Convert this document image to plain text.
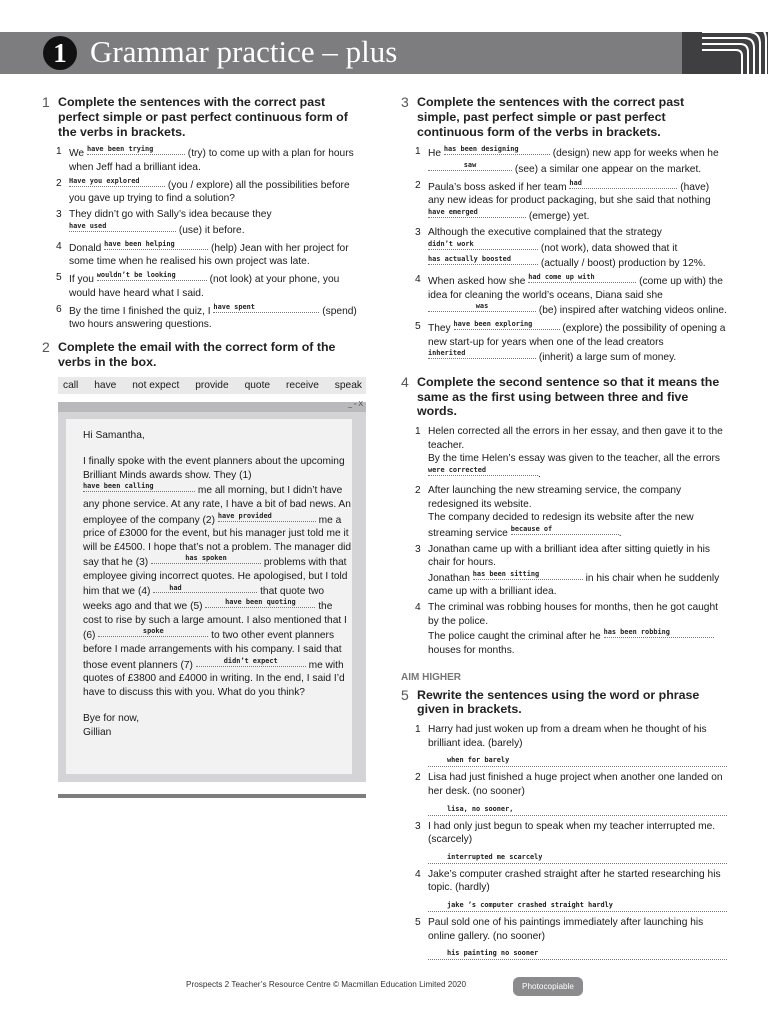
1 Grammar practice – plus
1 Complete the sentences with the correct past perfect simple or past perfect continuous form of the verbs in brackets.
1 We have been trying	(try) to come up with a plan for hours when Jeff had a brilliant idea.
2 Have you explored	(you / explore) all the possibilities before you gave up trying to find a solution?
3 They didn’t go with Sally’s idea because they have used	(use) it before.
4 Donald have been helping	(help) Jean with her project for some time when he realised his own project was late.
5 If you wouldn’t be looking	(not look) at your phone, you would have heard what I said.
6 By the time I finished the quiz, I have spent	(spend) two hours answering questions.
2 Complete the email with the correct form of the verbs in the box.
call have not expect provide quote receive speak
_ ▫ X
Hi Samantha,
I finally spoke with the event planners about the upcoming Brilliant Minds awards show. They (1) have been calling	me all morning, but I didn’t have any phone service. At any rate, I have a bit of bad news. An employee of the company (2) have provided	me a price of £3000 for the event, but his manager just told me it will be £4500. I hope that’s not a problem. The manager did say that he (3)	has spoken	problems with that employee giving incorrect quotes. He apologised, but I told him that we (4)	had	that quote two weeks ago and that we (5)	have been quoting the cost to rise by such a large amount. I also mentioned that I (6)	spoke	to two other event planners before I made arrangements with his company. I said that those event planners (7)	didn’t expect	me with quotes of £3800 and £4000 in writing. In the end, I said I’d have to discuss this with you. What do you think?
Bye for now,
Gillian
3 Complete the sentences with the correct past simple, past perfect simple or past perfect continuous form of the verbs in brackets.
1 He has been designing	(design) new app for weeks when he saw	(see) a similar one appear on the market.
2 Paula’s boss asked if her team had	(have) any new ideas for product packaging, but she said that nothing have emerged	(emerge) yet.
3 Although the executive complained that the strategy didn’t work	(not work), data showed that it has actually boosted	(actually / boost) production by 12%.
4 When asked how she had come up with	(come up with) the idea for cleaning the world’s oceans, Diana said she was	(be) inspired after watching videos online.
5 They have been exploring	(explore) the possibility of opening a new start-up for years when one of the lead creators inherited	(inherit) a large sum of money.
4 Complete the second sentence so that it means the same as the first using between three and five words.
1 Helen corrected all the errors in her essay, and then gave it to the teacher.
By the time Helen’s essay was given to the teacher, all the errors were corrected	.
2 After launching the new streaming service, the company redesigned its website.
The company decided to redesign its website after the new streaming service because of	.
3 Jonathan came up with a brilliant idea after sitting quietly in his chair for hours.
Jonathan has been sitting	in his chair when he suddenly came up with a brilliant idea.
4 The criminal was robbing houses for months, then he got caught by the police.
The police caught the criminal after he has been robbing houses for months.
AIM HIGHER
5 Rewrite the sentences using the word or phrase given in brackets.
1 Harry had just woken up from a dream when he thought of his brilliant idea. (barely)
when for barely
2 Lisa had just finished a huge project when another one landed on her desk. (no sooner)
lisa, no sooner,
3 I had only just begun to speak when my teacher interrupted me. (scarcely)
interrupted me scarcely
4 Jake’s computer crashed straight after he started researching his topic. (hardly)
jake ’s computer crashed straight hardly
5 Paul sold one of his paintings immediately after launching his online gallery. (no sooner)
his painting no sooner
Prospects 2 Teacher’s Resource Centre © Macmillan Education Limited 2020	Photocopiable
